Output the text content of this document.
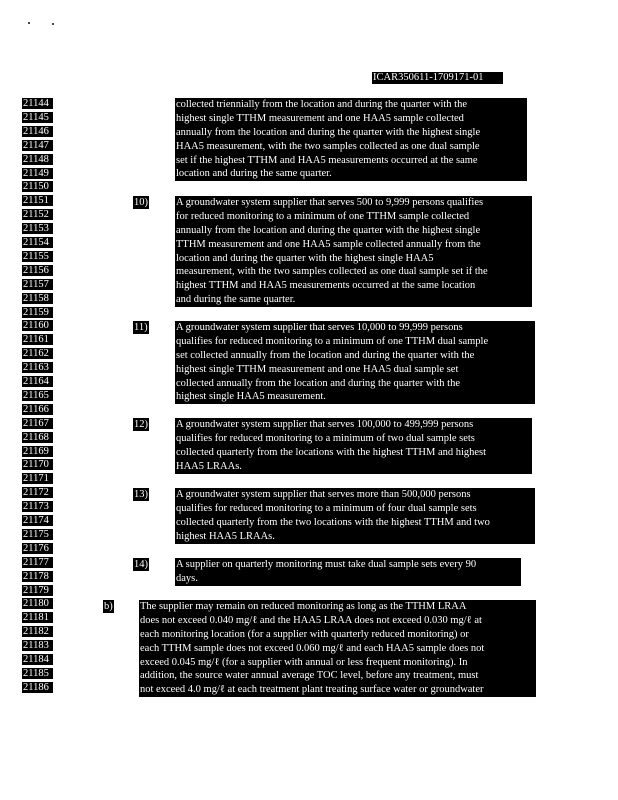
ICAR350611-1709171-01
21144
21145
21146
21147
21148
21149
21150
21151
21152
21153
21154
21155
21156
21157
21158
21159
21160
21161
21162
21163
21164
21165
21166
21167
21168
21169
21170
21171
21172
21173
21174
21175
21176
21177
21178
21179
21180
21181
21182
21183
21184
21185
21186
collected triennially from the location and during the quarter with the
highest single TTHM measurement and one HAA5 sample collected
annually from the location and during the quarter with the highest single
HAA5 measurement, with the two samples collected as one dual sample
set if the highest TTHM and HAA5 measurements occurred at the same
location and during the same quarter.
10)	A groundwater system supplier that serves 500 to 9,999 persons qualifies
for reduced monitoring to a minimum of one TTHM sample collected
annually from the location and during the quarter with the highest single
TTHM measurement and one HAA5 sample collected annually from the
location and during the quarter with the highest single HAA5
measurement, with the two samples collected as one dual sample set if the
highest TTHM and HAA5 measurements occurred at the same location
and during the same quarter.
11)	A groundwater system supplier that serves 10,000 to 99,999 persons
qualifies for reduced monitoring to a minimum of one TTHM dual sample
set collected annually from the location and during the quarter with the
highest single TTHM measurement and one HAA5 dual sample set
collected annually from the location and during the quarter with the
highest single HAA5 measurement.
12)	A groundwater system supplier that serves 100,000 to 499,999 persons
qualifies for reduced monitoring to a minimum of two dual sample sets
collected quarterly from the locations with the highest TTHM and highest
HAA5 LRAAs.
13)	A groundwater system supplier that serves more than 500,000 persons
qualifies for reduced monitoring to a minimum of four dual sample sets
collected quarterly from the two locations with the highest TTHM and two
highest HAA5 LRAAs.
14)	A supplier on quarterly monitoring must take dual sample sets every 90
days.
b)	The supplier may remain on reduced monitoring as long as the TTHM LRAA
does not exceed 0.040 mg/ℓ and the HAA5 LRAA does not exceed 0.030 mg/ℓ at
each monitoring location (for a supplier with quarterly reduced monitoring) or
each TTHM sample does not exceed 0.060 mg/ℓ and each HAA5 sample does not
exceed 0.045 mg/ℓ (for a supplier with annual or less frequent monitoring). In
addition, the source water annual average TOC level, before any treatment, must
not exceed 4.0 mg/ℓ at each treatment plant treating surface water or groundwater
